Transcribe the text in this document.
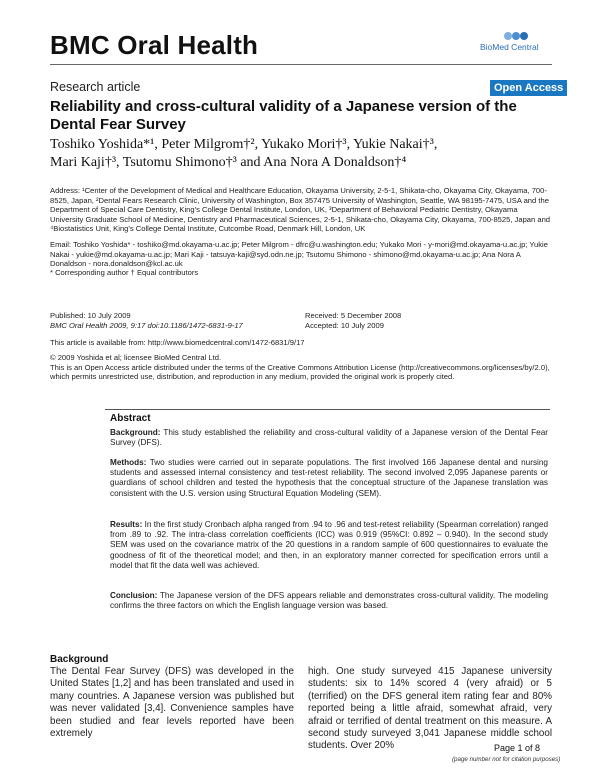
BMC Oral Health	BioMed Central
Research article	Open Access
Reliability and cross-cultural validity of a Japanese version of the Dental Fear Survey
Toshiko Yoshida*¹, Peter Milgrom†², Yukako Mori†³, Yukie Nakai†³,
Mari Kaji†³, Tsutomu Shimono†³ and Ana Nora A Donaldson†⁴
Address: ¹Center of the Development of Medical and Healthcare Education, Okayama University, 2-5-1, Shikata-cho, Okayama City, Okayama, 700-8525, Japan, ²Dental Fears Research Clinic, University of Washington, Box 357475 University of Washington, Seattle, WA 98195-7475, USA and the Department of Special Care Dentistry, King's College Dental Institute, London, UK, ³Department of Behavioral Pediatric Dentistry, Okayama University Graduate School of Medicine, Dentistry and Pharmaceutical Sciences, 2-5-1, Shikata-cho, Okayama City, Okayama, 700-8525, Japan and ⁴Biostatistics Unit, King's College Dental Institute, Cutcombe Road, Denmark Hill, London, UK
Email: Toshiko Yoshida* - toshiko@md.okayama-u.ac.jp; Peter Milgrom - dfrc@u.washington.edu; Yukako Mori - y-mori@md.okayama-u.ac.jp; Yukie Nakai - yukie@md.okayama-u.ac.jp; Mari Kaji - tatsuya-kaji@syd.odn.ne.jp; Tsutomu Shimono - shimono@md.okayama-u.ac.jp; Ana Nora A Donaldson - nora.donaldson@kcl.ac.uk
* Corresponding author † Equal contributors
Published: 10 July 2009
BMC Oral Health 2009, 9:17 doi:10.1186/1472-6831-9-17
Received: 5 December 2008
Accepted: 10 July 2009
This article is available from: http://www.biomedcentral.com/1472-6831/9/17
© 2009 Yoshida et al; licensee BioMed Central Ltd.
This is an Open Access article distributed under the terms of the Creative Commons Attribution License (http://creativecommons.org/licenses/by/2.0), which permits unrestricted use, distribution, and reproduction in any medium, provided the original work is properly cited.
Abstract
Background: This study established the reliability and cross-cultural validity of a Japanese version of the Dental Fear Survey (DFS).
Methods: Two studies were carried out in separate populations. The first involved 166 Japanese dental and nursing students and assessed internal consistency and test-retest reliability. The second involved 2,095 Japanese parents or guardians of school children and tested the hypothesis that the conceptual structure of the Japanese translation was consistent with the U.S. version using Structural Equation Modeling (SEM).
Results: In the first study Cronbach alpha ranged from .94 to .96 and test-retest reliability (Spearman correlation) ranged from .89 to .92. The intra-class correlation coefficients (ICC) was 0.919 (95%CI: 0.892 – 0.940). In the second study SEM was used on the covariance matrix of the 20 questions in a random sample of 600 questionnaires to evaluate the goodness of fit of the theoretical model; and then, in an exploratory manner corrected for specification errors until a model that fit the data well was achieved.
Conclusion: The Japanese version of the DFS appears reliable and demonstrates cross-cultural validity. The modeling confirms the three factors on which the English language version was based.
Background
The Dental Fear Survey (DFS) was developed in the United States [1,2] and has been translated and used in many countries. A Japanese version was published but was never validated [3,4]. Convenience samples have been studied and fear levels reported have been extremely
high. One study surveyed 415 Japanese university students: six to 14% scored 4 (very afraid) or 5 (terrified) on the DFS general item rating fear and 80% reported being a little afraid, somewhat afraid, very afraid or terrified of dental treatment on this measure. A second study surveyed 3,041 Japanese middle school students. Over 20%	Page 1 of 8
(page number not for citation purposes)
